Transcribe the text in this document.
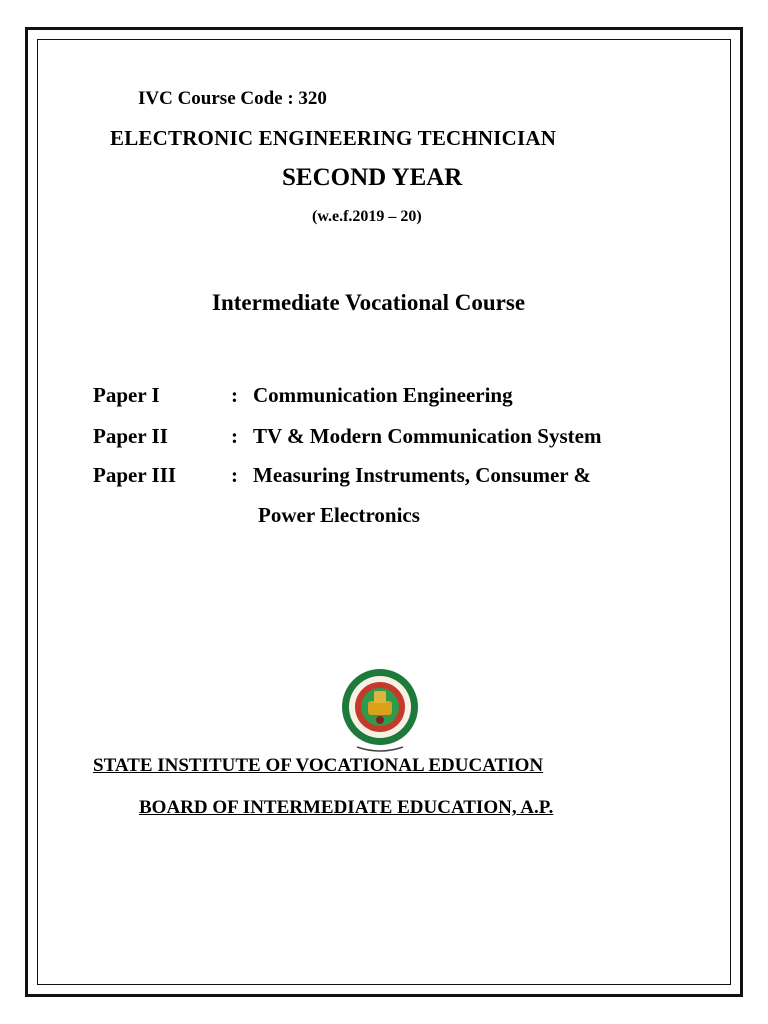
IVC Course Code : 320
ELECTRONIC ENGINEERING TECHNICIAN
SECOND YEAR
(w.e.f.2019 – 20)
Intermediate Vocational Course
Paper I	: Communication Engineering
Paper II	: TV & Modern Communication System
Paper III	: Measuring Instruments, Consumer &
Power Electronics
STATE INSTITUTE OF VOCATIONAL EDUCATION
BOARD OF INTERMEDIATE EDUCATION, A.P.
